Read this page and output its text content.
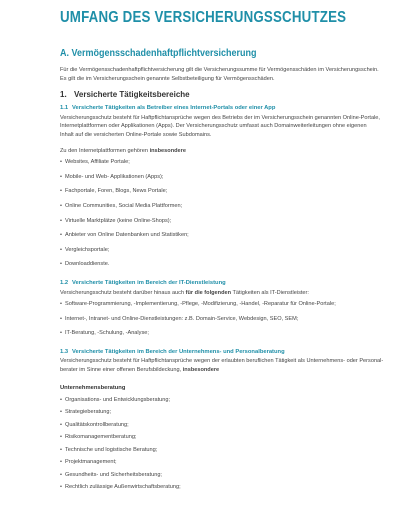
UMFANG DES VERSICHERUNGSSCHUTZES
A. Vermögensschadenhaftpflichtversicherung

Für die Vermögensschadenhaftpflichtversicherung gilt die Versicherungssumme für Vermögensschäden im Versicherungsschein.

Es gilt die im Versicherungsschein genannte Selbstbeteiligung für Vermögensschäden.

1. Versicherte Tätigkeitsbereiche
1.1 Versicherte Tätigkeiten als Betreiber eines Internet-Portals oder einer App

Versicherungsschutz besteht für Haftpflichtansprüche wegen des Betriebs der im Versicherungsschein genannten Online-Portale,

Internetplattformen oder Applikationen (Apps). Der Versicherungsschutz umfasst auch Domainweiterleitungen ohne eigenen

Inhalt auf die versicherten Online-Portale sowie Subdomains.

Zu den Internetplattformen gehören insbesondere

• Websites, Affiliate Portale;
• Mobile- und Web- Applikationen (Apps);
• Fachportale, Foren, Blogs, News Portale;
• Online Communities, Social Media Plattformen;
• Virtuelle Marktplätze (keine Online-Shops);
• Anbieter von Online Datenbanken und Statistiken;
• Vergleichsportale;
• Downloaddienste.
1.2 Versicherte Tätigkeiten im Bereich der IT-Dienstleistung

Versicherungsschutz besteht darüber hinaus auch für die folgenden Tätigkeiten als IT-Dienstleister:

• Software-Programmierung, -Implementierung, -Pflege, -Modifizierung, -Handel, -Reparatur für Online-Portale;
• Internet-, Intranet- und Online-Dienstleistungen: z.B. Domain-Service, Webdesign, SEO, SEM;
• IT-Beratung, -Schulung, -Analyse;
1.3 Versicherte Tätigkeiten im Bereich der Unternehmens- und Personalberatung

Versicherungsschutz besteht für Haftpflichtansprüche wegen der erlaubten beruflichen Tätigkeit als Unternehmens- oder Personal-

berater im Sinne einer offenen Berufsbildeckung, insbesondere

Unternehmensberatung

• Organisations- und Entwicklungsberatung;
• Strategieberatung;
• Qualitätskontrollberatung;
• Risikomanagementberatung;
• Technische und logistische Beratung;
• Projektmanagement;
• Gesundheits- und Sicherheitsberatung;
• Rechtlich zulässige Außenwirtschaftsberatung;
